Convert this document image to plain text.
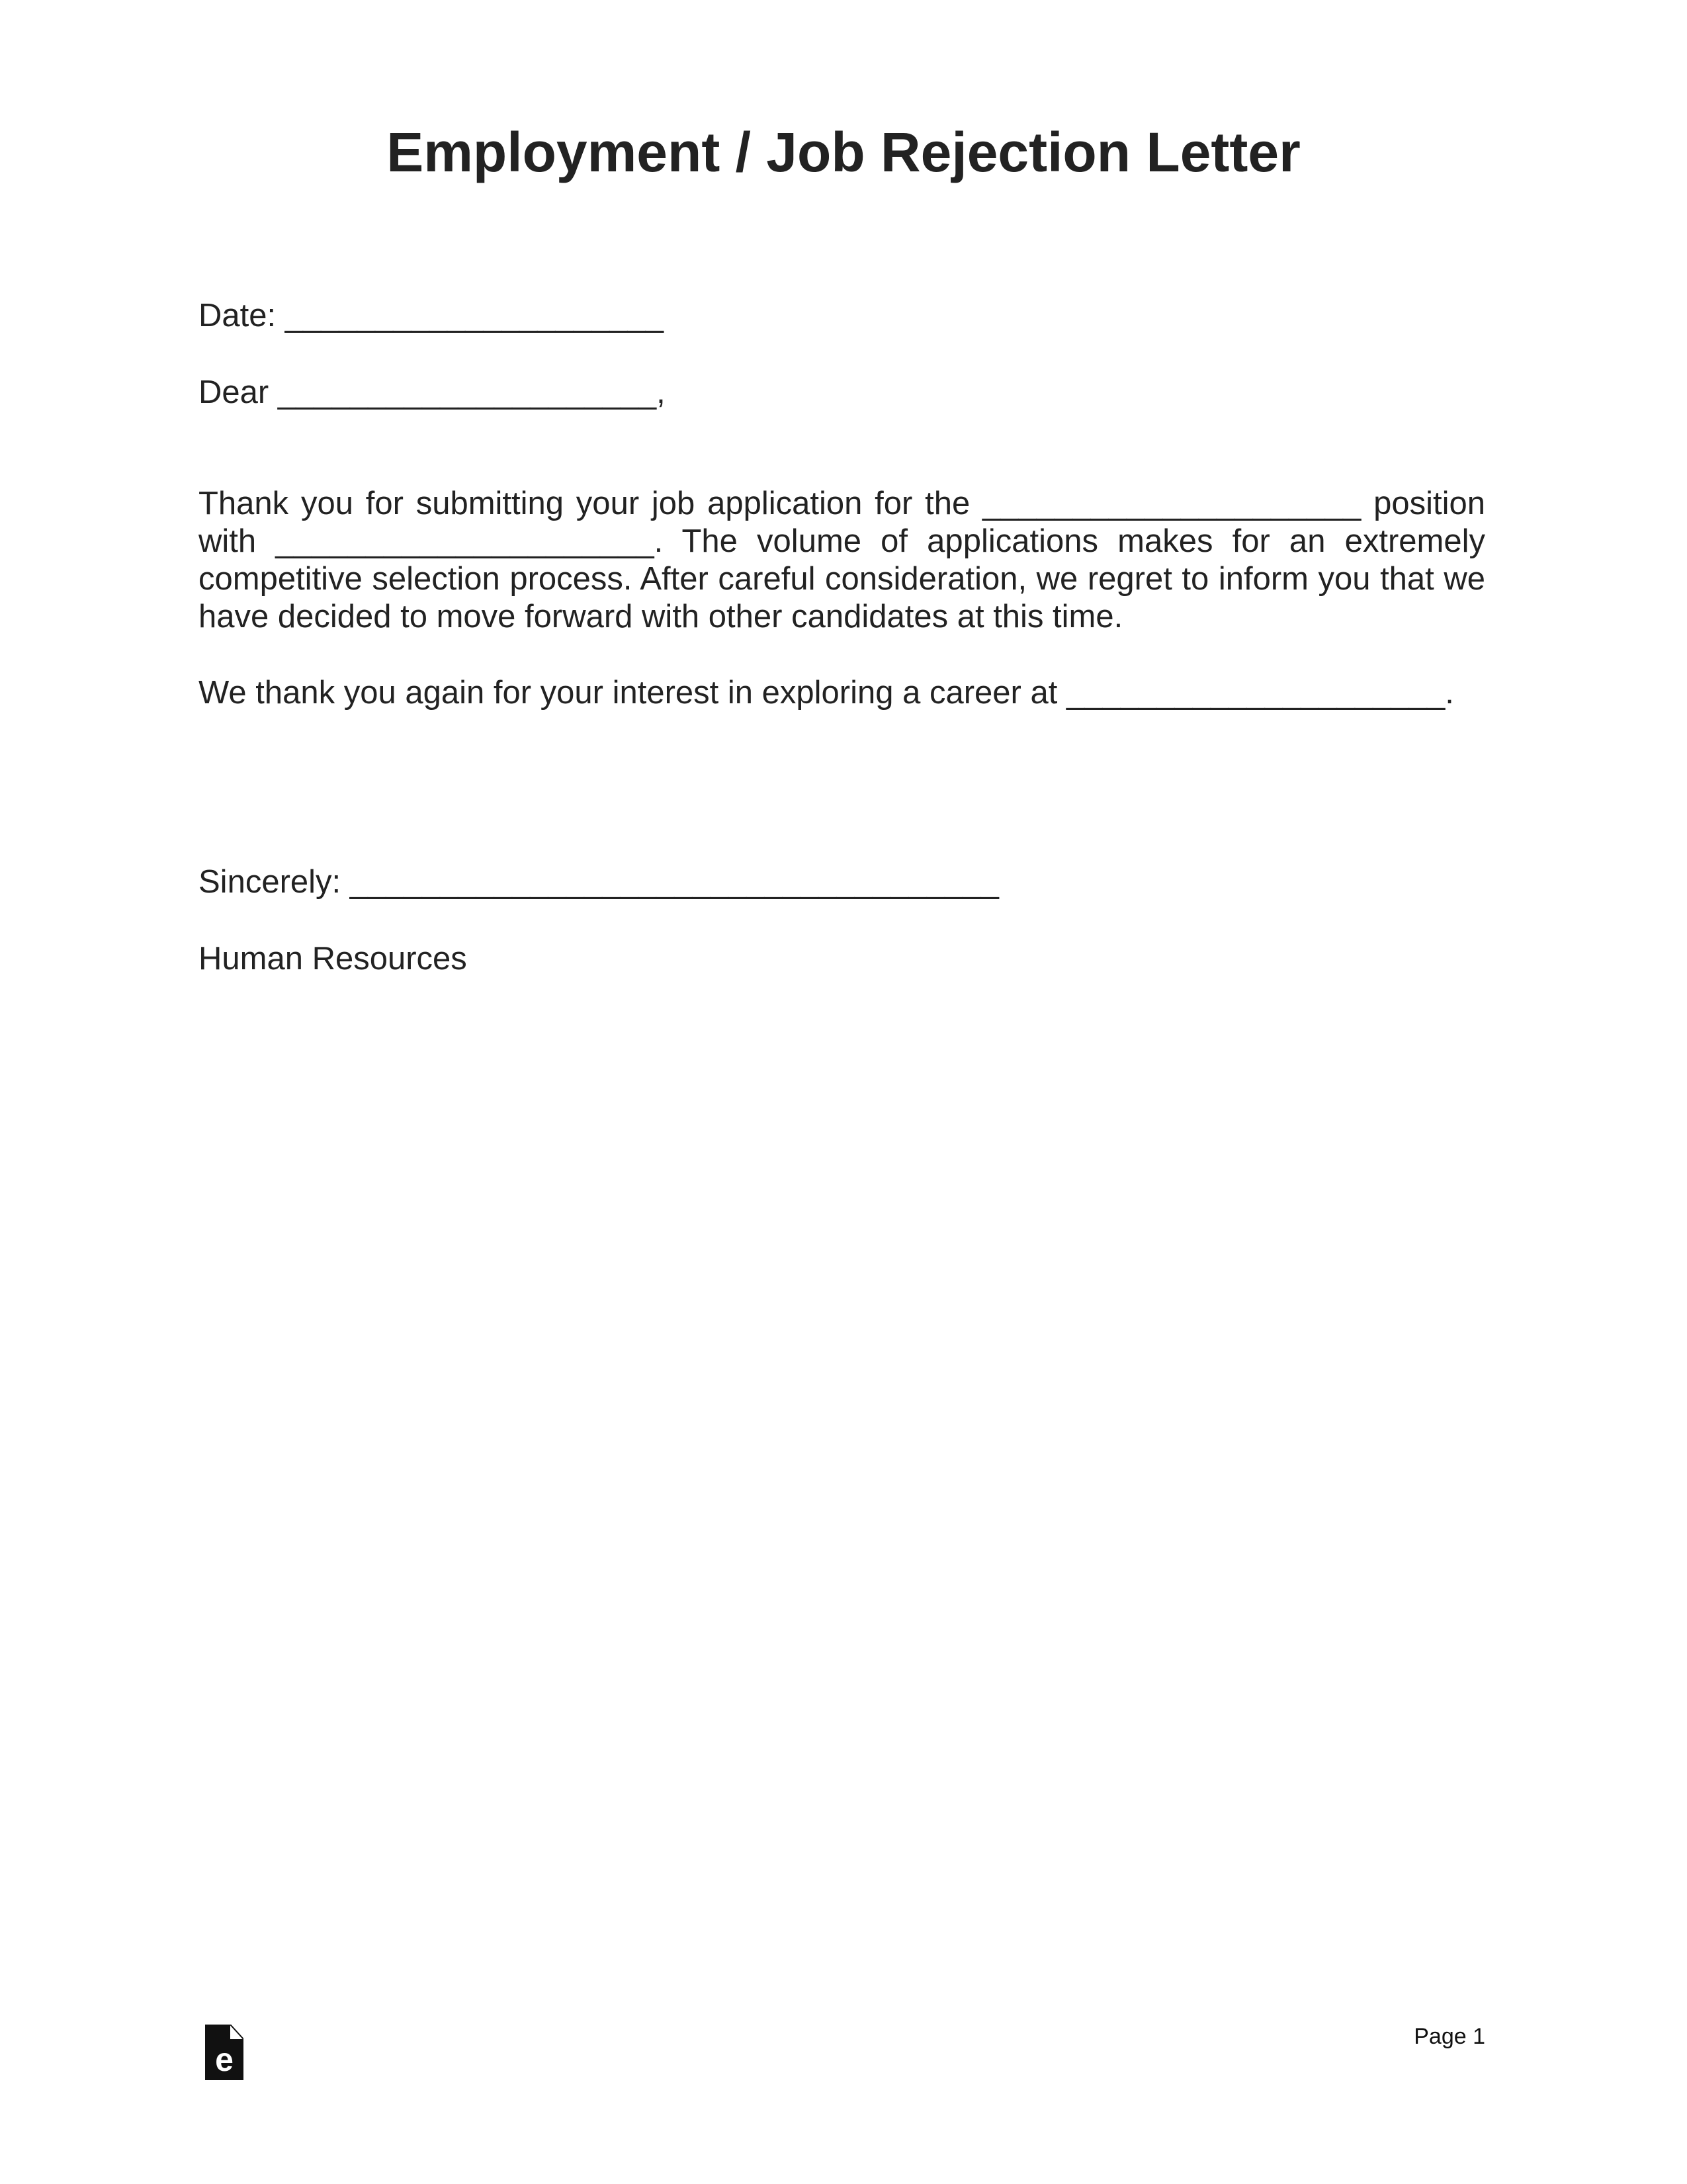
Employment / Job Rejection Letter
Date: _____________________
Dear _____________________,
Thank you for submitting your job application for the _____________________ position with _____________________. The volume of applications makes for an extremely competitive selection process. After careful consideration, we regret to inform you that we have decided to move forward with other candidates at this time.
We thank you again for your interest in exploring a career at _____________________.
Sincerely: ____________________________________
Human Resources
e
Page 1
